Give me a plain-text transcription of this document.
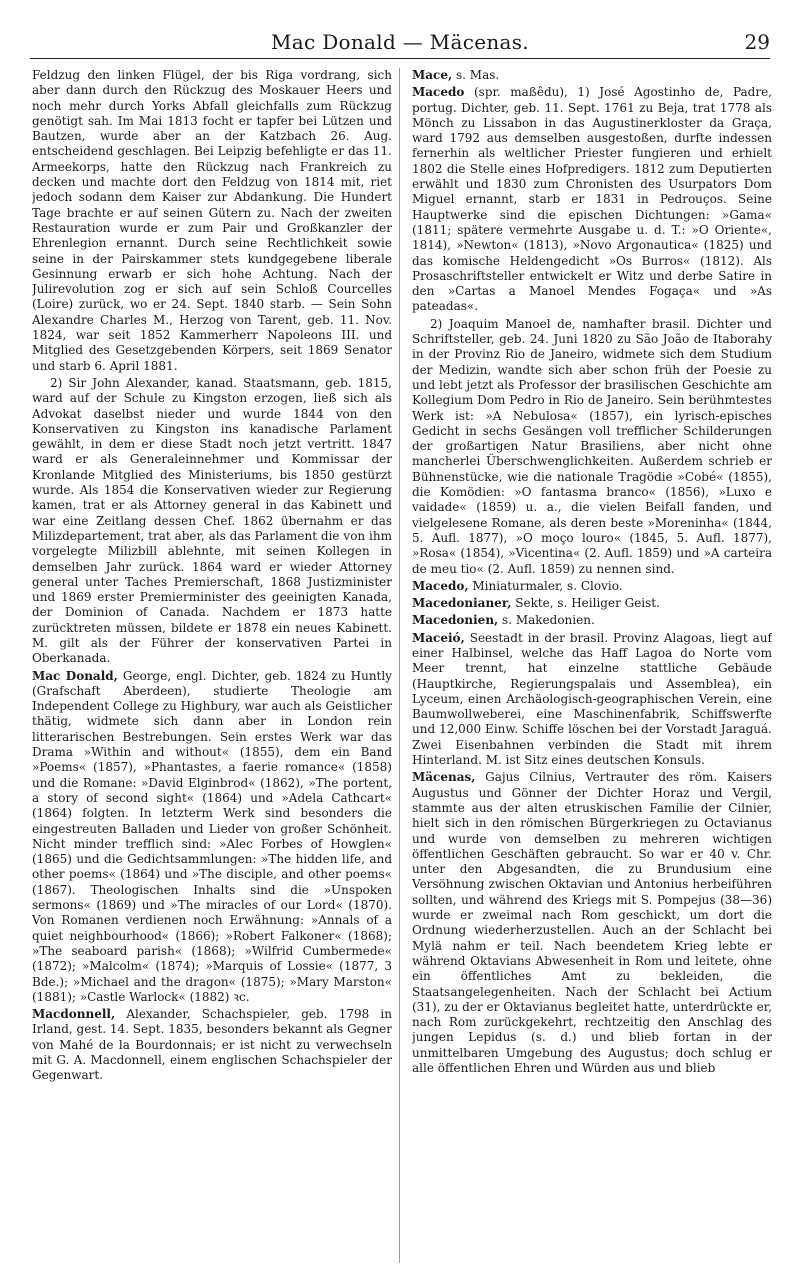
Mac Donald — Mäcenas.	29

Feldzug den linken Flügel, der bis Riga vordrang, sich aber dann durch den Rückzug des Moskauer Heers und noch mehr durch Yorks Abfall gleichfalls zum Rückzug genötigt sah. Im Mai 1813 focht er tapfer bei Lützen und Bautzen, wurde aber an der Katzbach 26. Aug. entscheidend geschlagen. Bei Leipzig befehligte er das 11. Armeekorps, hatte den Rückzug nach Frankreich zu decken und machte dort den Feldzug von 1814 mit, riet jedoch sodann dem Kaiser zur Abdankung. Die Hundert Tage brachte er auf seinen Gütern zu. Nach der zweiten Restauration wurde er zum Pair und Großkanzler der Ehrenlegion ernannt. Durch seine Rechtlichkeit sowie seine in der Pairskammer stets kundgegebene liberale Gesinnung erwarb er sich hohe Achtung. Nach der Julirevolution zog er sich auf sein Schloß Courcelles (Loire) zurück, wo er 24. Sept. 1840 starb. — Sein Sohn Alexandre Charles M., Herzog von Tarent, geb. 11. Nov. 1824, war seit 1852 Kammerherr Napoleons III. und Mitglied des Gesetzgebenden Körpers, seit 1869 Senator und starb 6. April 1881.

2) Sir John Alexander, kanad. Staatsmann, geb. 1815, ward auf der Schule zu Kingston erzogen, ließ sich als Advokat daselbst nieder und wurde 1844 von den Konservativen zu Kingston ins kanadische Parlament gewählt, in dem er diese Stadt noch jetzt vertritt. 1847 ward er als Generaleinnehmer und Kommissar der Kronlande Mitglied des Ministeriums, bis 1850 gestürzt wurde. Als 1854 die Konservativen wieder zur Regierung kamen, trat er als Attorney general in das Kabinett und war eine Zeitlang dessen Chef. 1862 übernahm er das Milizdepartement, trat aber, als das Parlament die von ihm vorgelegte Milizbill ablehnte, mit seinen Kollegen in demselben Jahr zurück. 1864 ward er wieder Attorney general unter Taches Premierschaft, 1868 Justizminister und 1869 erster Premierminister des geeinigten Kanada, der Dominion of Canada. Nachdem er 1873 hatte zurücktreten müssen, bildete er 1878 ein neues Kabinett. M. gilt als der Führer der konservativen Partei in Oberkanada.

Mac Donald, George, engl. Dichter, geb. 1824 zu Huntly (Grafschaft Aberdeen), studierte Theologie am Independent College zu Highbury, war auch als Geistlicher thätig, widmete sich dann aber in London rein litterarischen Bestrebungen. Sein erstes Werk war das Drama »Within and without« (1855), dem ein Band »Poems« (1857), »Phantastes, a faerie romance« (1858) und die Romane: »David Elginbrod« (1862), »The portent, a story of second sight« (1864) und »Adela Cathcart« (1864) folgten. In letzterm Werk sind besonders die eingestreuten Balladen und Lieder von großer Schönheit. Nicht minder trefflich sind: »Alec Forbes of Howglen« (1865) und die Gedichtsammlungen: »The hidden life, and other poems« (1864) und »The disciple, and other poems« (1867). Theologischen Inhalts sind die »Unspoken sermons« (1869) und »The miracles of our Lord« (1870). Von Romanen verdienen noch Erwähnung: »Annals of a quiet neighbourhood« (1866); »Robert Falkoner« (1868); »The seaboard parish« (1868); »Wilfrid Cumbermede« (1872); »Malcolm« (1874); »Marquis of Lossie« (1877, 3 Bde.); »Michael and the dragon« (1875); »Mary Marston« (1881); »Castle Warlock« (1882) ꝛc.

Macdonnell, Alexander, Schachspieler, geb. 1798 in Irland, gest. 14. Sept. 1835, besonders bekannt als Gegner von Mahé de la Bourdonnais; er ist nicht zu verwechseln mit G. A. Macdonnell, einem englischen Schachspieler der Gegenwart.

Mace, s. Mas.

Macedo (spr. maßêdu), 1) José Agostinho de, Padre, portug. Dichter, geb. 11. Sept. 1761 zu Beja, trat 1778 als Mönch zu Lissabon in das Augustinerkloster da Graça, ward 1792 aus demselben ausgestoßen, durfte indessen fernerhin als weltlicher Priester fungieren und erhielt 1802 die Stelle eines Hofpredigers. 1812 zum Deputierten erwählt und 1830 zum Chronisten des Usurpators Dom Miguel ernannt, starb er 1831 in Pedrouços. Seine Hauptwerke sind die epischen Dichtungen: »Gama« (1811; spätere vermehrte Ausgabe u. d. T.: »O Oriente«, 1814), »Newton« (1813), »Novo Argonautica« (1825) und das komische Heldengedicht »Os Burros« (1812). Als Prosaschriftsteller entwickelt er Witz und derbe Satire in den »Cartas a Manoel Mendes Fogaça« und »As pateadas«.

2) Joaquim Manoel de, namhafter brasil. Dichter und Schriftsteller, geb. 24. Juni 1820 zu São João de Itaborahy in der Provinz Rio de Janeiro, widmete sich dem Studium der Medizin, wandte sich aber schon früh der Poesie zu und lebt jetzt als Professor der brasilischen Geschichte am Kollegium Dom Pedro in Rio de Janeiro. Sein berühmtestes Werk ist: »A Nebulosa« (1857), ein lyrisch-episches Gedicht in sechs Gesängen voll trefflicher Schilderungen der großartigen Natur Brasiliens, aber nicht ohne mancherlei Überschwenglichkeiten. Außerdem schrieb er Bühnenstücke, wie die nationale Tragödie »Cobé« (1855), die Komödien: »O fantasma branco« (1856), »Luxo e vaidade« (1859) u. a., die vielen Beifall fanden, und vielgelesene Romane, als deren beste »Moreninha« (1844, 5. Aufl. 1877), »O moço louro« (1845, 5. Aufl. 1877), »Rosa« (1854), »Vicentina« (2. Aufl. 1859) und »A carteira de meu tio« (2. Aufl. 1859) zu nennen sind.

Macedo, Miniaturmaler, s. Clovio.

Macedonianer, Sekte, s. Heiliger Geist.

Macedonien, s. Makedonien.

Maceió, Seestadt in der brasil. Provinz Alagoas, liegt auf einer Halbinsel, welche das Haff Lagoa do Norte vom Meer trennt, hat einzelne stattliche Gebäude (Hauptkirche, Regierungspalais und Assemblea), ein Lyceum, einen Archäologisch-geographischen Verein, eine Baumwollweberei, eine Maschinenfabrik, Schiffswerfte und 12,000 Einw. Schiffe löschen bei der Vorstadt Jaraguá. Zwei Eisenbahnen verbinden die Stadt mit ihrem Hinterland. M. ist Sitz eines deutschen Konsuls.

Mäcenas, Gajus Cilnius, Vertrauter des röm. Kaisers Augustus und Gönner der Dichter Horaz und Vergil, stammte aus der alten etruskischen Familie der Cilnier, hielt sich in den römischen Bürgerkriegen zu Octavianus und wurde von demselben zu mehreren wichtigen öffentlichen Geschäften gebraucht. So war er 40 v. Chr. unter den Abgesandten, die zu Brundusium eine Versöhnung zwischen Oktavian und Antonius herbeiführen sollten, und während des Kriegs mit S. Pompejus (38—36) wurde er zweimal nach Rom geschickt, um dort die Ordnung wiederherzustellen. Auch an der Schlacht bei Mylä nahm er teil. Nach beendetem Krieg lebte er während Oktavians Abwesenheit in Rom und leitete, ohne ein öffentliches Amt zu bekleiden, die Staatsangelegenheiten. Nach der Schlacht bei Actium (31), zu der er Oktavianus begleitet hatte, unterdrückte er, nach Rom zurückgekehrt, rechtzeitig den Anschlag des jungen Lepidus (s. d.) und blieb fortan in der unmittelbaren Umgebung des Augustus; doch schlug er alle öffentlichen Ehren und Würden aus und blieb
